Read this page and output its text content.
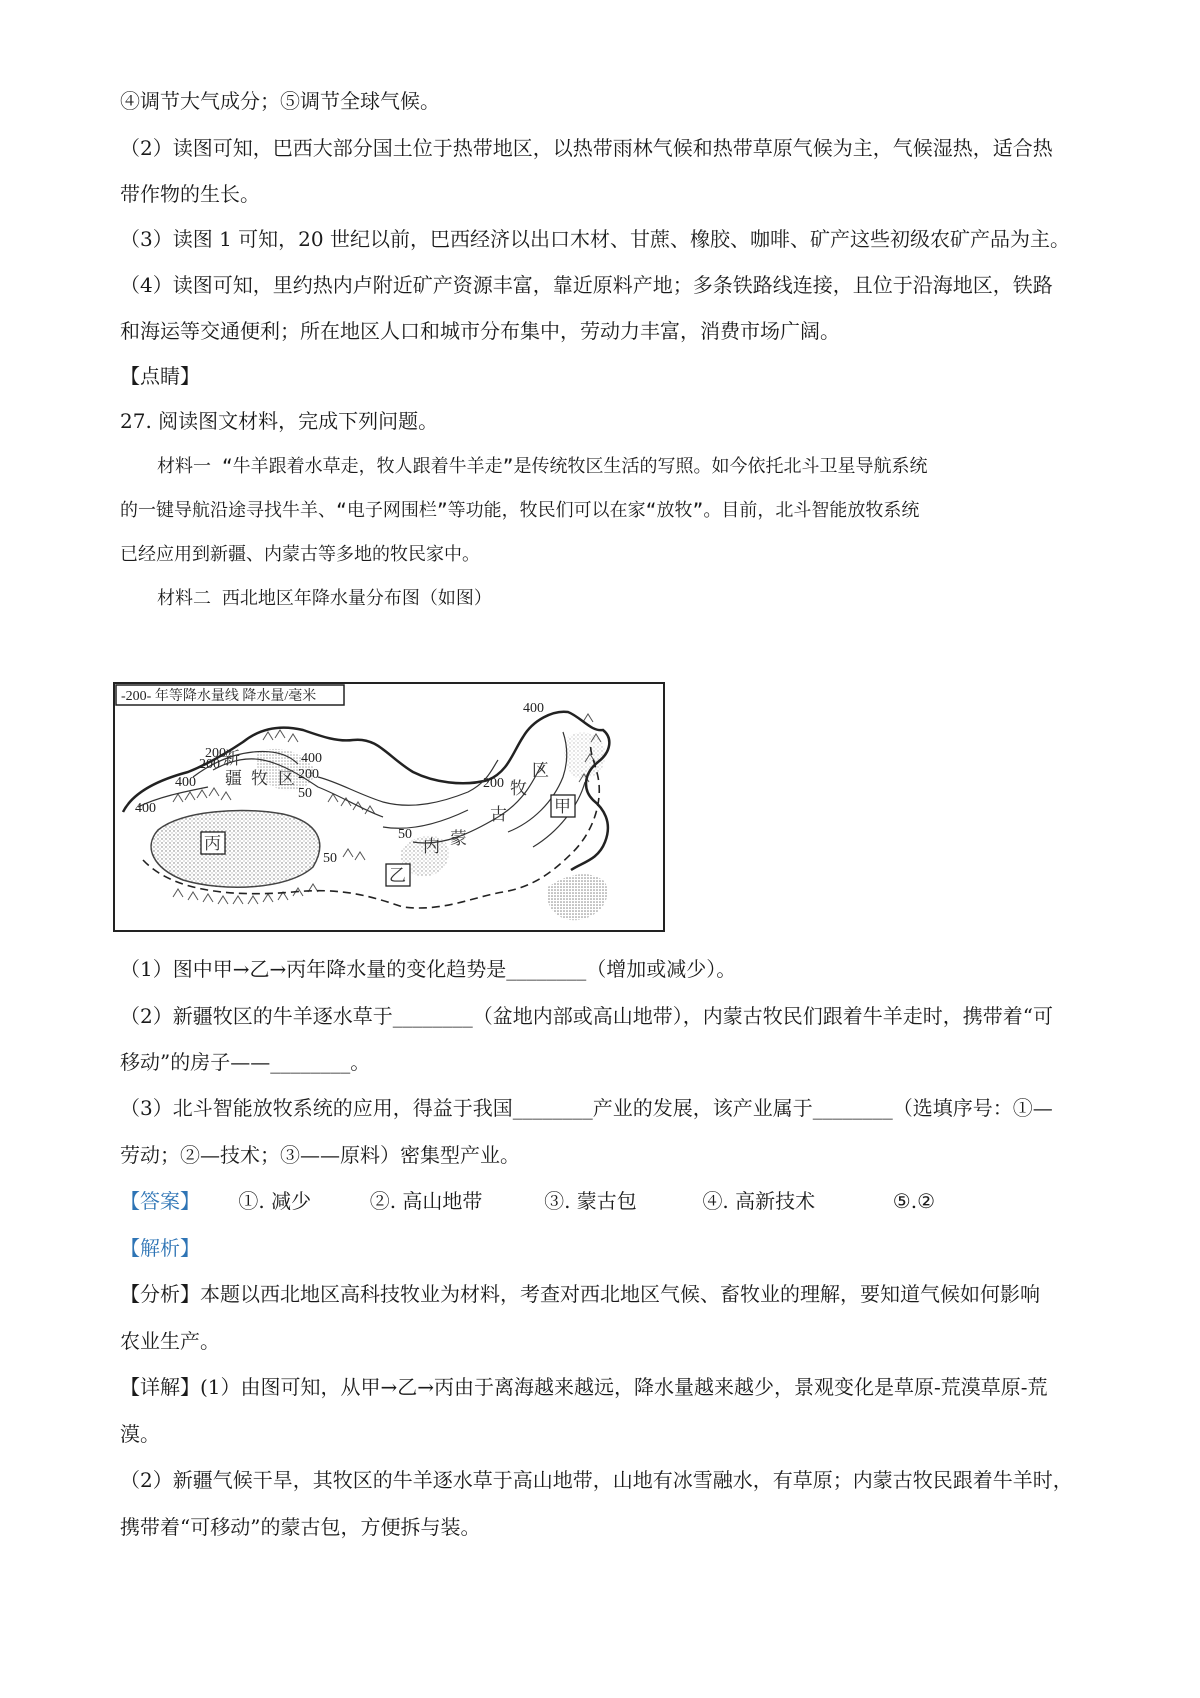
④调节大气成分；⑤调节全球气候。
（2）读图可知，巴西大部分国土位于热带地区，以热带雨林气候和热带草原气候为主，气候湿热，适合热
带作物的生长。
（3）读图 1 可知，20 世纪以前，巴西经济以出口木材、甘蔗、橡胶、咖啡、矿产这些初级农矿产品为主。
（4）读图可知，里约热内卢附近矿产资源丰富，靠近原料产地；多条铁路线连接，且位于沿海地区，铁路
和海运等交通便利；所在地区人口和城市分布集中，劳动力丰富，消费市场广阔。
【点睛】
27. 阅读图文材料，完成下列问题。
材料一 “牛羊跟着水草走，牧人跟着牛羊走”是传统牧区生活的写照。如今依托北斗卫星导航系统
的一键导航沿途寻找牛羊、“电子网围栏”等功能，牧民们可以在家“放牧”。目前，北斗智能放牧系统
已经应用到新疆、内蒙古等多地的牧民家中。
材料二 西北地区年降水量分布图（如图）
-200- 年等降水量线 降水量/毫米
200
200
400
400
200
400
400
200
50
50
50
新
疆 牧 区
内 蒙
古
牧
区
甲
乙
丙
（1）图中甲→乙→丙年降水量的变化趋势是________（增加或减少）。
（2）新疆牧区的牛羊逐水草于________（盆地内部或高山地带），内蒙古牧民们跟着牛羊走时，携带着“可
移动”的房子——________。
（3）北斗智能放牧系统的应用，得益于我国________产业的发展，该产业属于________（选填序号：①—
劳动；②—技术；③——原料）密集型产业。
【答案】 ①. 减少	②. 高山地带	③. 蒙古包	④. 高新技术	⑤.②
【解析】
【分析】本题以西北地区高科技牧业为材料，考查对西北地区气候、畜牧业的理解，要知道气候如何影响
农业生产。
【详解】(1）由图可知，从甲→乙→丙由于离海越来越远，降水量越来越少，景观变化是草原-荒漠草原-荒
漠。
（2）新疆气候干旱，其牧区的牛羊逐水草于高山地带，山地有冰雪融水，有草原；内蒙古牧民跟着牛羊时，
携带着“可移动”的蒙古包，方便拆与装。
